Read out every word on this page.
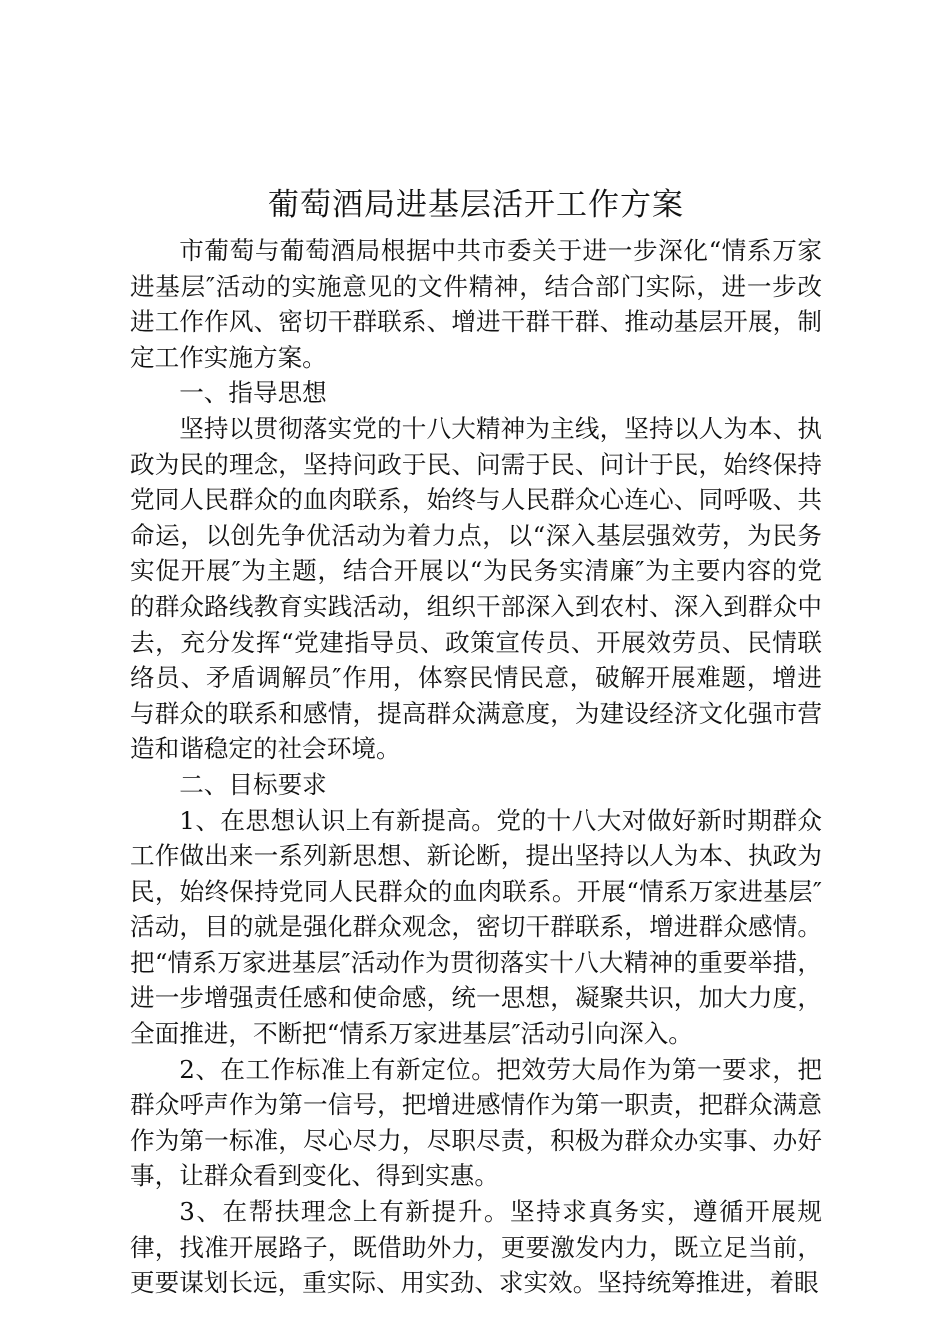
葡萄酒局进基层活开工作方案

市葡萄与葡萄酒局根据中共市委关于进一步深化“情系万家进基层″活动的实施意见的文件精神，结合部门实际，进一步改进工作作风、密切干群联系、增进干群干群、推动基层开展，制定工作实施方案。

一、指导思想

坚持以贯彻落实党的十八大精神为主线，坚持以人为本、执政为民的理念，坚持问政于民、问需于民、问计于民，始终保持党同人民群众的血肉联系，始终与人民群众心连心、同呼吸、共命运，以创先争优活动为着力点，以“深入基层强效劳，为民务实促开展″为主题，结合开展以“为民务实清廉″为主要内容的党的群众路线教育实践活动，组织干部深入到农村、深入到群众中去，充分发挥“党建指导员、政策宣传员、开展效劳员、民情联络员、矛盾调解员″作用，体察民情民意，破解开展难题，增进与群众的联系和感情，提高群众满意度，为建设经济文化强市营造和谐稳定的社会环境。

二、目标要求

1、在思想认识上有新提高。党的十八大对做好新时期群众工作做出来一系列新思想、新论断，提出坚持以人为本、执政为民，始终保持党同人民群众的血肉联系。开展“情系万家进基层″活动，目的就是强化群众观念，密切干群联系，增进群众感情。把“情系万家进基层″活动作为贯彻落实十八大精神的重要举措，进一步增强责任感和使命感，统一思想，凝聚共识，加大力度，全面推进，不断把“情系万家进基层″活动引向深入。

2、在工作标准上有新定位。把效劳大局作为第一要求，把群众呼声作为第一信号，把增进感情作为第一职责，把群众满意作为第一标准，尽心尽力，尽职尽责，积极为群众办实事、办好事，让群众看到变化、得到实惠。

3、在帮扶理念上有新提升。坚持求真务实，遵循开展规律，找准开展路子，既借助外力，更要激发内力，既立足当前，更要谋划长远，重实际、用实劲、求实效。坚持统筹推进，着眼
